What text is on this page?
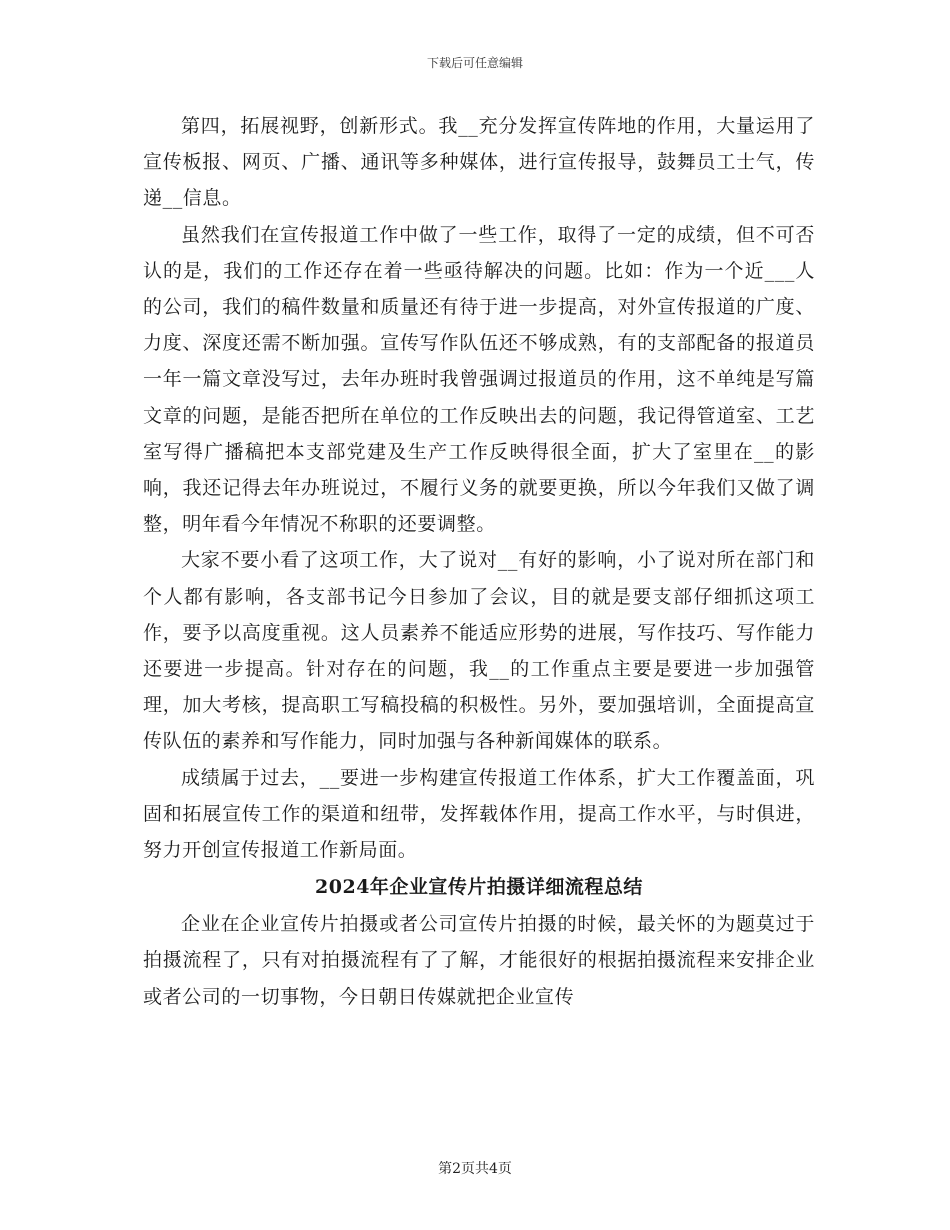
下载后可任意编辑

第四，拓展视野，创新形式。我__充分发挥宣传阵地的作用，大量运用了宣传板报、网页、广播、通讯等多种媒体，进行宣传报导，鼓舞员工士气，传递__信息。

虽然我们在宣传报道工作中做了一些工作，取得了一定的成绩，但不可否认的是，我们的工作还存在着一些亟待解决的问题。比如：作为一个近___人的公司，我们的稿件数量和质量还有待于进一步提高，对外宣传报道的广度、力度、深度还需不断加强。宣传写作队伍还不够成熟，有的支部配备的报道员一年一篇文章没写过，去年办班时我曾强调过报道员的作用，这不单纯是写篇文章的问题，是能否把所在单位的工作反映出去的问题，我记得管道室、工艺室写得广播稿把本支部党建及生产工作反映得很全面，扩大了室里在__的影响，我还记得去年办班说过，不履行义务的就要更换，所以今年我们又做了调整，明年看今年情况不称职的还要调整。

大家不要小看了这项工作，大了说对__有好的影响，小了说对所在部门和个人都有影响，各支部书记今日参加了会议，目的就是要支部仔细抓这项工作，要予以高度重视。这人员素养不能适应形势的进展，写作技巧、写作能力还要进一步提高。针对存在的问题，我__的工作重点主要是要进一步加强管理，加大考核，提高职工写稿投稿的积极性。另外，要加强培训，全面提高宣传队伍的素养和写作能力，同时加强与各种新闻媒体的联系。

成绩属于过去，__要进一步构建宣传报道工作体系，扩大工作覆盖面，巩固和拓展宣传工作的渠道和纽带，发挥载体作用，提高工作水平，与时俱进，努力开创宣传报道工作新局面。

2024年企业宣传片拍摄详细流程总结

企业在企业宣传片拍摄或者公司宣传片拍摄的时候，最关怀的为题莫过于拍摄流程了，只有对拍摄流程有了了解，才能很好的根据拍摄流程来安排企业或者公司的一切事物，今日朝日传媒就把企业宣传

第2页共4页
